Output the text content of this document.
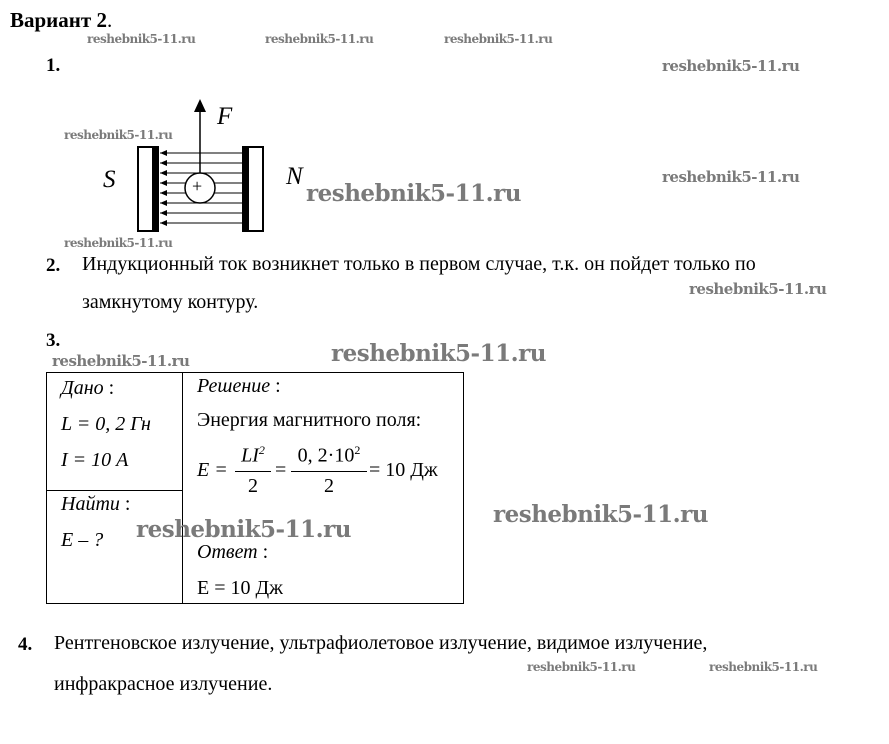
Вариант 2.
reshebnik5-11.ru	reshebnik5-11.ru	reshebnik5-11.ru
1.	reshebnik5-11.ru
reshebnik5-11.ru
reshebnik5-11.ru
reshebnik5-11.ru
reshebnik5-11.ru
+
F
S	N
2. Индукционный ток возникнет только в первом случае, т.к. он пойдет только по
замкнутому контуру.
reshebnik5-11.ru
3.
reshebnik5-11.ru	reshebnik5-11.ru
Дано :
L = 0, 2 Гн
I = 10 А
Найти :
E – ?
Решение :
Энергия магнитного поля:
E =
$LI^2$
2
=
0, $2\cdot 10^2$
2
= 10 Дж
Ответ :
E = 10 Дж
reshebnik5-11.ru
reshebnik5-11.ru
4. Рентгеновское излучение, ультрафиолетовое излучение, видимое излучение,
инфракрасное излучение.
reshebnik5-11.ru	reshebnik5-11.ru
